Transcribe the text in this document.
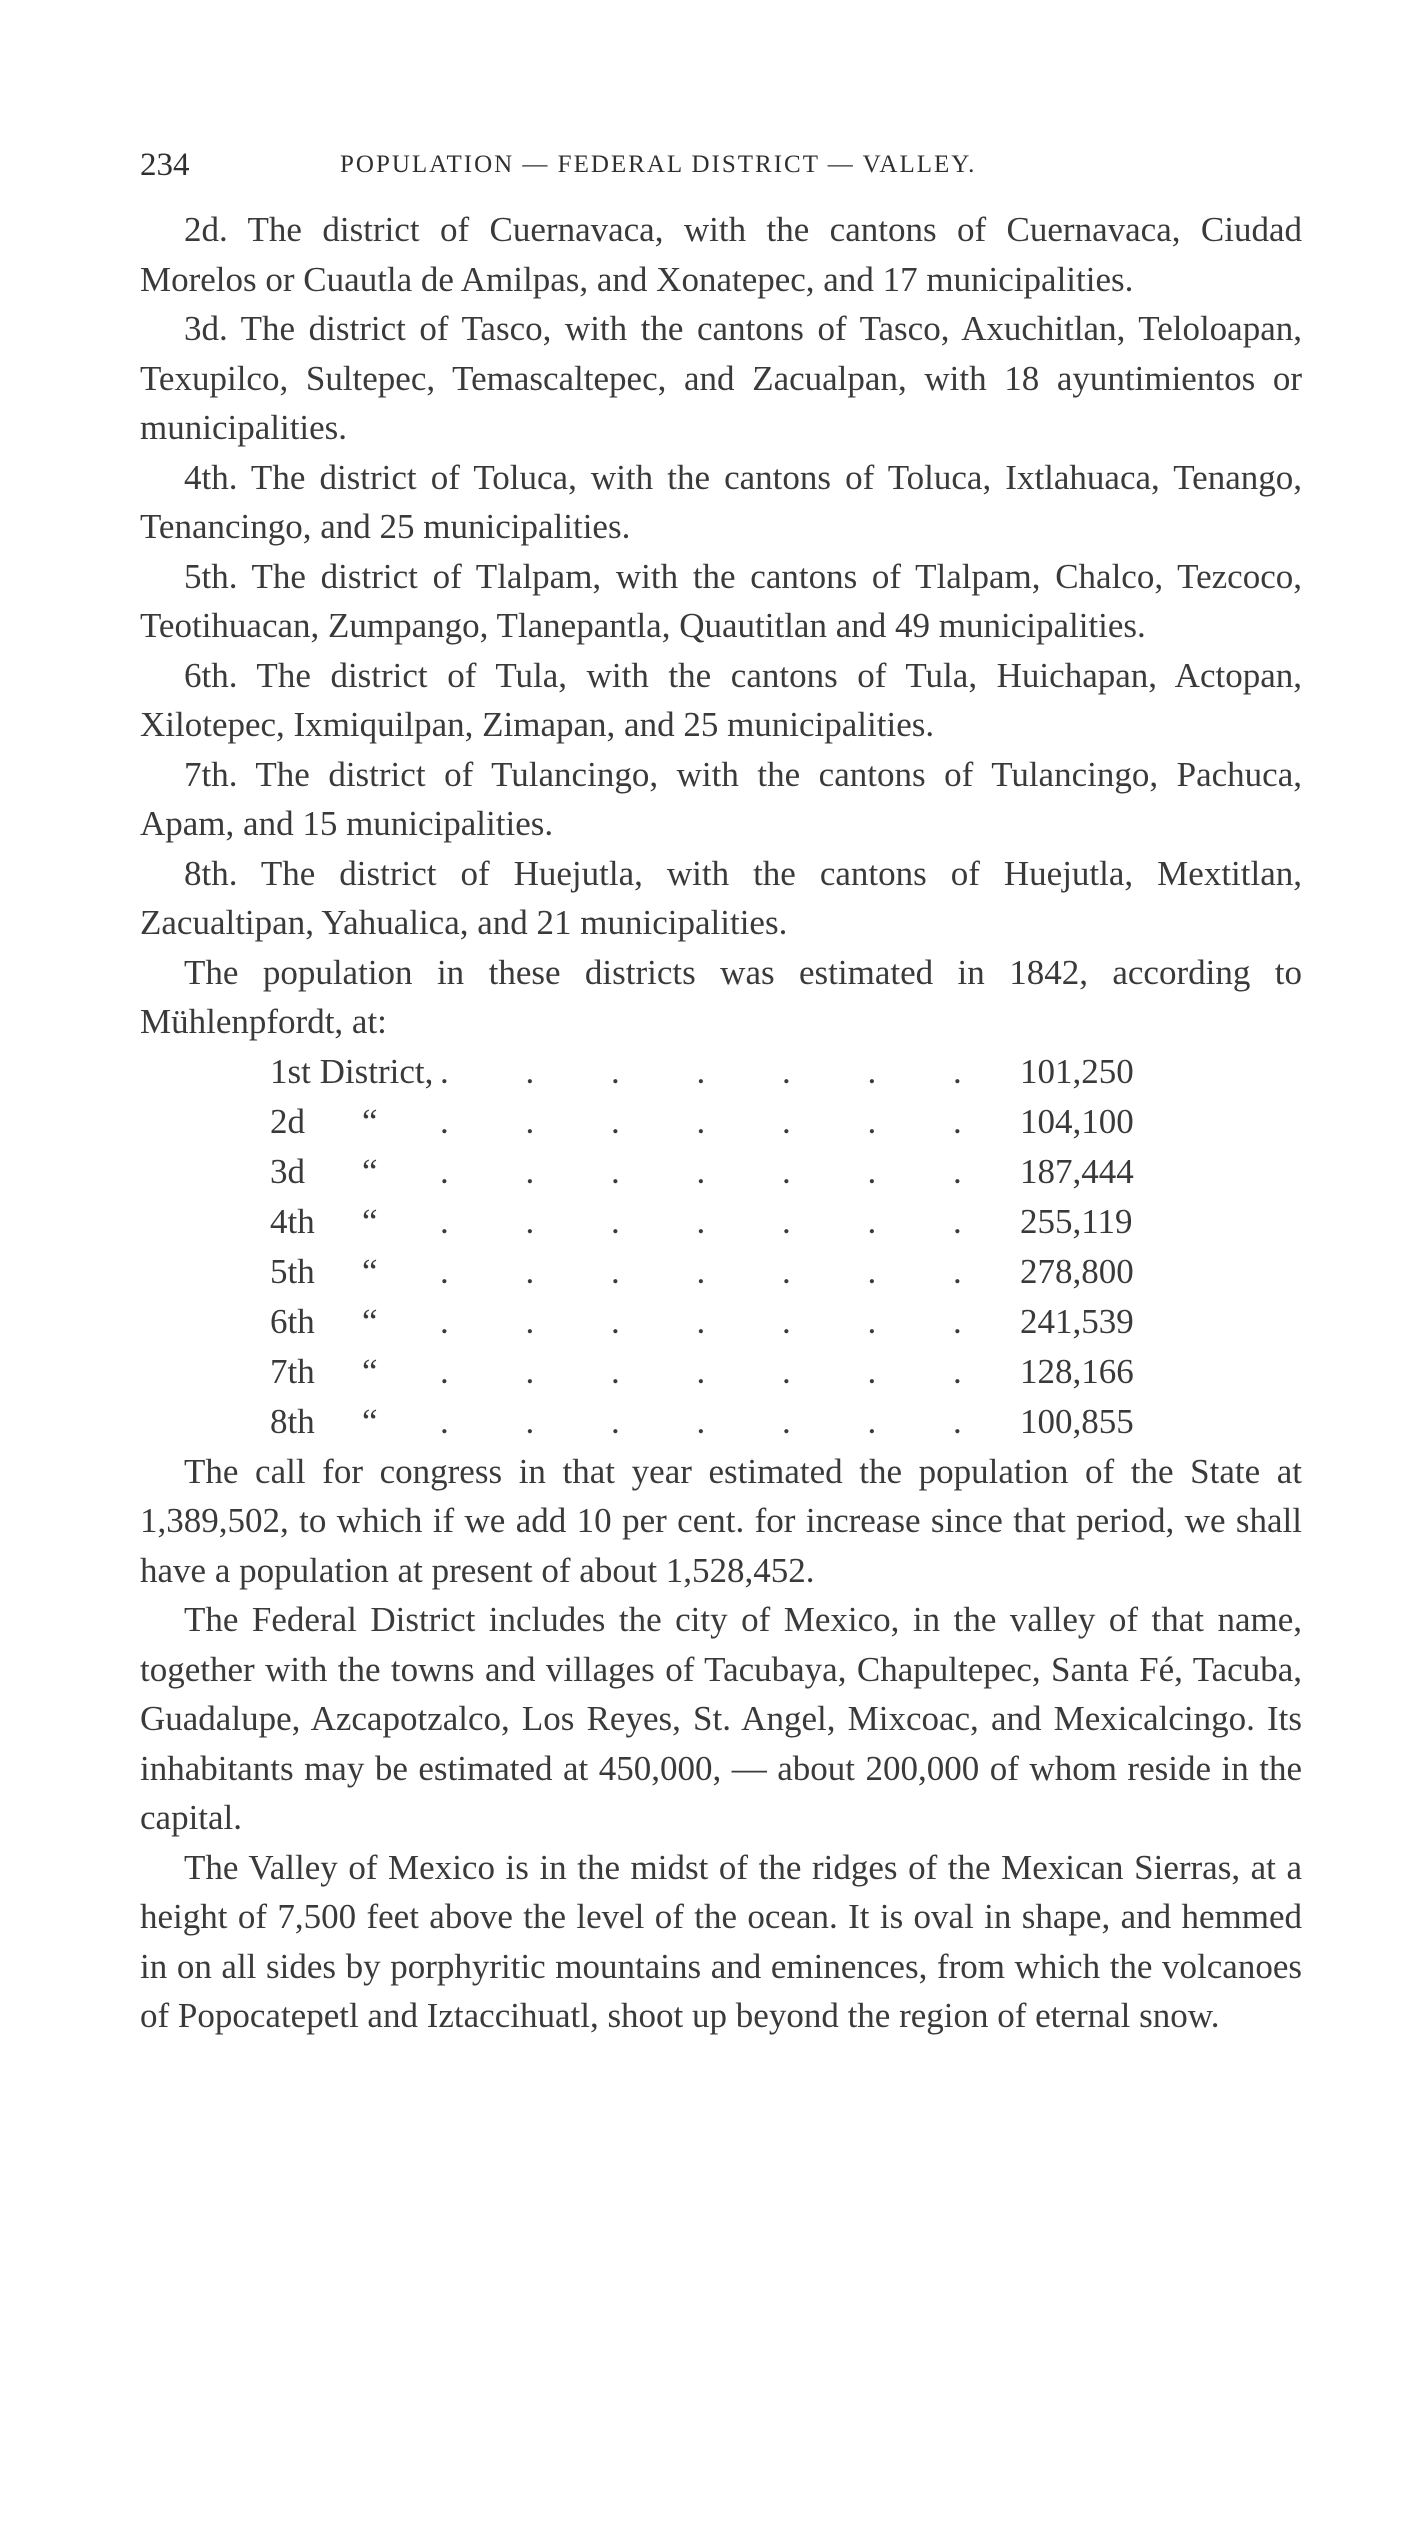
234	POPULATION — FEDERAL DISTRICT — VALLEY.

2d. The district of Cuernavaca, with the cantons of Cuernavaca, Ciudad Morelos or Cuautla de Amilpas, and Xonatepec, and 17 municipalities.

3d. The district of Tasco, with the cantons of Tasco, Axuchitlan, Teloloapan, Texupilco, Sultepec, Temascaltepec, and Zacualpan, with 18 ayuntimientos or municipalities.

4th. The district of Toluca, with the cantons of Toluca, Ixtlahuaca, Tenango, Tenancingo, and 25 municipalities.

5th. The district of Tlalpam, with the cantons of Tlalpam, Chalco, Tezcoco, Teotihuacan, Zumpango, Tlanepantla, Quautitlan and 49 municipalities.

6th. The district of Tula, with the cantons of Tula, Huichapan, Actopan, Xilotepec, Ixmiquilpan, Zimapan, and 25 municipalities.

7th. The district of Tulancingo, with the cantons of Tulancingo, Pachuca, Apam, and 15 municipalities.

8th. The district of Huejutla, with the cantons of Huejutla, Mextitlan, Zacualtipan, Yahualica, and 21 municipalities.

The population in these districts was estimated in 1842, according to Mühlenpfordt, at:

1st District, . . . . . . . 101,250
2d “ . . . . . . . 104,100
3d “ . . . . . . . 187,444
4th “ . . . . . . . 255,119
5th “ . . . . . . . 278,800
6th “ . . . . . . . 241,539
7th “ . . . . . . . 128,166
8th “ . . . . . . . 100,855

The call for congress in that year estimated the population of the State at 1,389,502, to which if we add 10 per cent. for increase since that period, we shall have a population at present of about 1,528,452.

The Federal District includes the city of Mexico, in the valley of that name, together with the towns and villages of Tacubaya, Chapultepec, Santa Fé, Tacuba, Guadalupe, Azcapotzalco, Los Reyes, St. Angel, Mixcoac, and Mexicalcingo. Its inhabitants may be estimated at 450,000, — about 200,000 of whom reside in the capital.

The Valley of Mexico is in the midst of the ridges of the Mexican Sierras, at a height of 7,500 feet above the level of the ocean. It is oval in shape, and hemmed in on all sides by porphyritic mountains and eminences, from which the volcanoes of Popocatepetl and Iztaccihuatl, shoot up beyond the region of eternal snow.
